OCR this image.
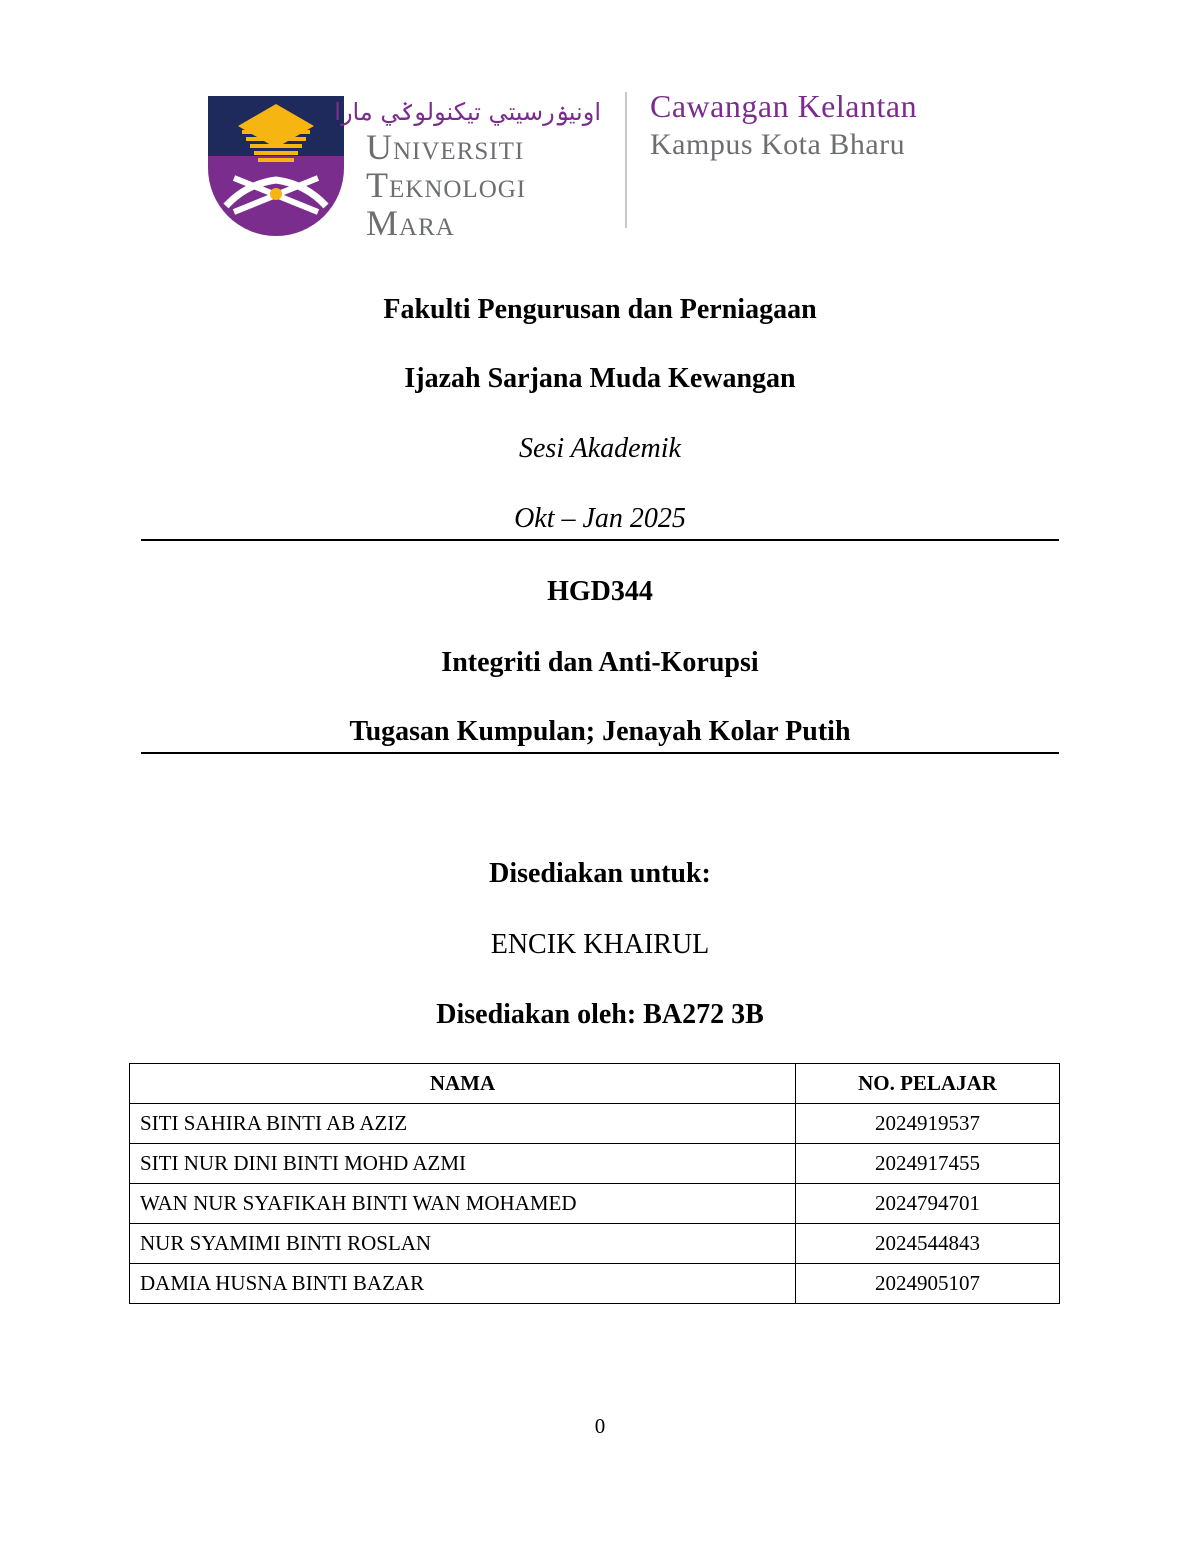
اونيۏرسيتي تيکنولوݢي مارا
Universiti
Teknologi
Mara
Cawangan Kelantan
Kampus Kota Bharu
Fakulti Pengurusan dan Perniagaan
Ijazah Sarjana Muda Kewangan
Sesi Akademik
Okt – Jan 2025
HGD344
Integriti dan Anti-Korupsi
Tugasan Kumpulan; Jenayah Kolar Putih
Disediakan untuk:
ENCIK KHAIRUL
Disediakan oleh: BA272 3B
NAMA	NO. PELAJAR
SITI SAHIRA BINTI AB AZIZ	2024919537
SITI NUR DINI BINTI MOHD AZMI	2024917455
WAN NUR SYAFIKAH BINTI WAN MOHAMED	2024794701
NUR SYAMIMI BINTI ROSLAN	2024544843
DAMIA HUSNA BINTI BAZAR	2024905107
0
